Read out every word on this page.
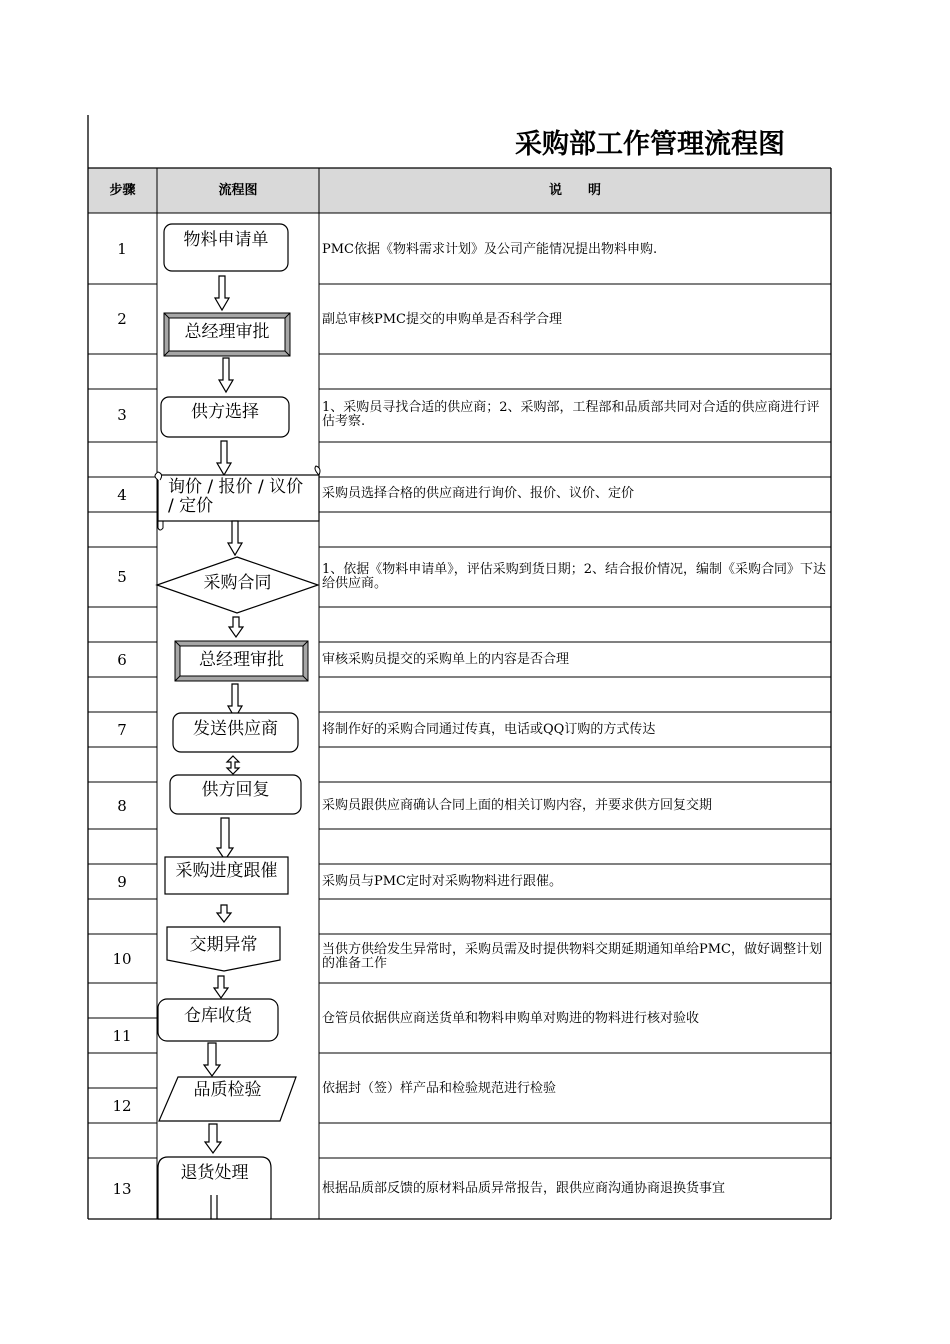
采购部工作管理流程图
步骤	流程图	说　　明
1
2
3
4
5
6
7
8
9
10
11
12
13
物料申请单
总经理审批
供方选择
询价 / 报价 / 议价 / 定价
采购合同
总经理审批
发送供应商
供方回复
采购进度跟催
交期异常
仓库收货
品质检验
退货处理
PMC依据《物料需求计划》及公司产能情况提出物料申购.
副总审核PMC提交的申购单是否科学合理
1、采购员寻找合适的供应商；2、采购部，工程部和品质部共同对合适的供应商进行评估考察.
采购员选择合格的供应商进行询价、报价、议价、定价
1、依据《物料申请单》，评估采购到货日期；2、结合报价情况，编制《采购合同》下达给供应商。
审核采购员提交的采购单上的内容是否合理
将制作好的采购合同通过传真，电话或QQ订购的方式传达
采购员跟供应商确认合同上面的相关订购内容，并要求供方回复交期
采购员与PMC定时对采购物料进行跟催。
当供方供给发生异常时，采购员需及时提供物料交期延期通知单给PMC，做好调整计划的准备工作
仓管员依据供应商送货单和物料申购单对购进的物料进行核对验收
依据封（签）样产品和检验规范进行检验
根据品质部反馈的原材料品质异常报告，跟供应商沟通协商退换货事宜
